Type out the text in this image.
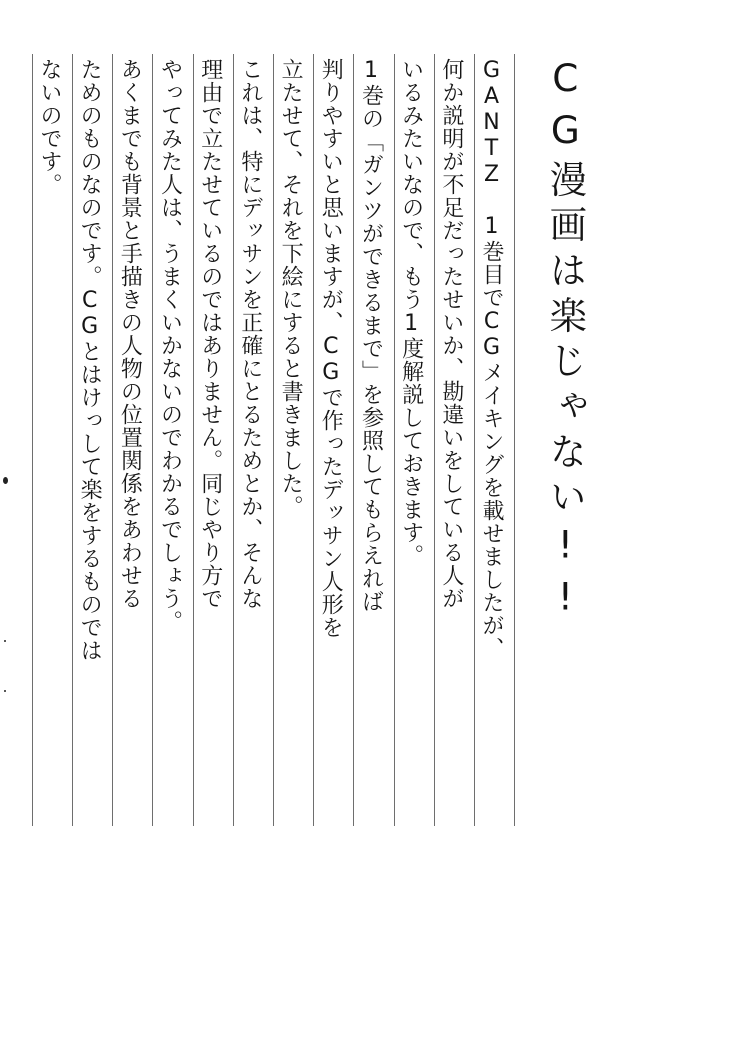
CG漫画は楽じゃない!!
GANTZ 1巻目でCGメイキングを載せましたが、
何か説明が不足だったせいか、勘違いをしている人が
いるみたいなので、もう1度解説しておきます。
1巻の「ガンツができるまで」を参照してもらえれば
判りやすいと思いますが、CGで作ったデッサン人形を
立たせて、それを下絵にすると書きました。
これは、特にデッサンを正確にとるためとか、そんな
理由で立たせているのではありません。同じやり方で
やってみた人は、うまくいかないのでわかるでしょう。
あくまでも背景と手描きの人物の位置関係をあわせる
ためのものなのです。CGとはけっして楽をするものでは
ないのです。
